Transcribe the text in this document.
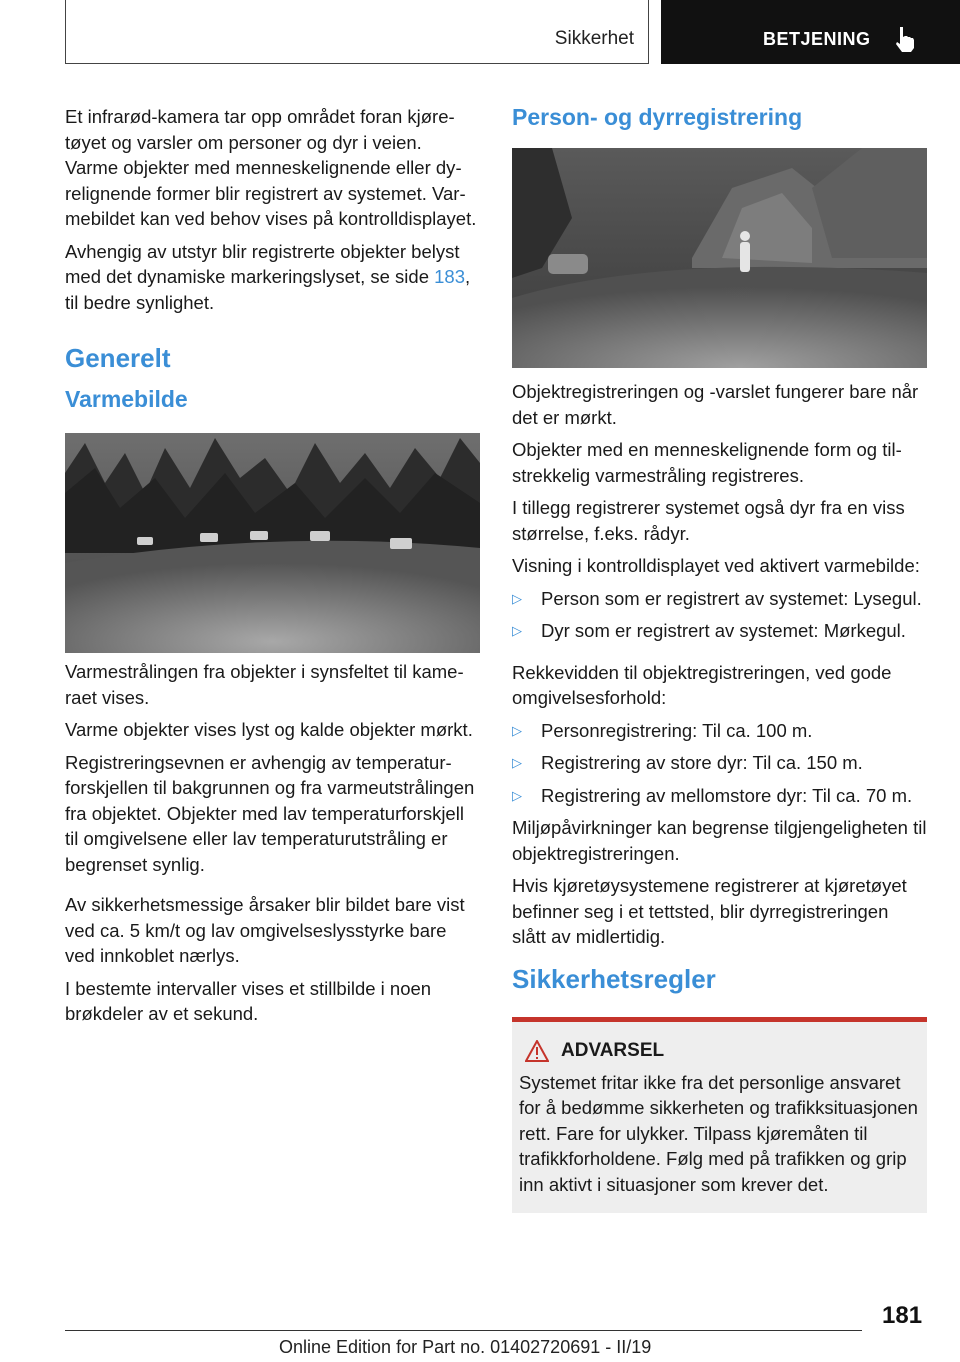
Sikkerhet	BETJENING

Et infrarød-kamera tar opp området foran kjøretøyet og varsler om personer og dyr i veien. Varme objekter med menneskelignende eller dyrelignende former blir registrert av systemet. Varmebildet kan ved behov vises på kontrolldisplayet.

Avhengig av utstyr blir registrerte objekter belyst med det dynamiske markeringslyset, se side 183, til bedre synlighet.

Generelt
Varmebilde

Varmestrålingen fra objekter i synsfeltet til kameraet vises.

Varme objekter vises lyst og kalde objekter mørkt.

Registreringsevnen er avhengig av temperaturforskjellen til bakgrunnen og fra varmeutstrålingen fra objektet. Objekter med lav temperaturforskjell til omgivelsene eller lav temperaturutstråling er begrenset synlig.

Av sikkerhetsmessige årsaker blir bildet bare vist ved ca. 5 km/t og lav omgivelseslysstyrke bare ved innkoblet nærlys.

I bestemte intervaller vises et stillbilde i noen brøkdeler av et sekund.

Person- og dyrregistrering

Objektregistreringen og -varslet fungerer bare når det er mørkt.

Objekter med en menneskelignende form og tilstrekkelig varmestråling registreres.

I tillegg registrerer systemet også dyr fra en viss størrelse, f.eks. rådyr.

Visning i kontrolldisplayet ved aktivert varmebilde:

▷	Person som er registrert av systemet: Lysegul.
▷	Dyr som er registrert av systemet: Mørkegul.

Rekkevidden til objektregistreringen, ved gode omgivelsesforhold:

▷	Personregistrering: Til ca. 100 m.
▷	Registrering av store dyr: Til ca. 150 m.
▷	Registrering av mellomstore dyr: Til ca. 70 m.

Miljøpåvirkninger kan begrense tilgjengeligheten til objektregistreringen.

Hvis kjøretøysystemene registrerer at kjøretøyet befinner seg i et tettsted, blir dyrregistreringen slått av midlertidig.

Sikkerhetsregler
ADVARSEL

Systemet fritar ikke fra det personlige ansvaret for å bedømme sikkerheten og trafikksituasjonen rett. Fare for ulykker. Tilpass kjøremåten til trafikkforholdene. Følg med på trafikken og grip inn aktivt i situasjoner som krever det.

181
Online Edition for Part no. 01402720691 - II/19
